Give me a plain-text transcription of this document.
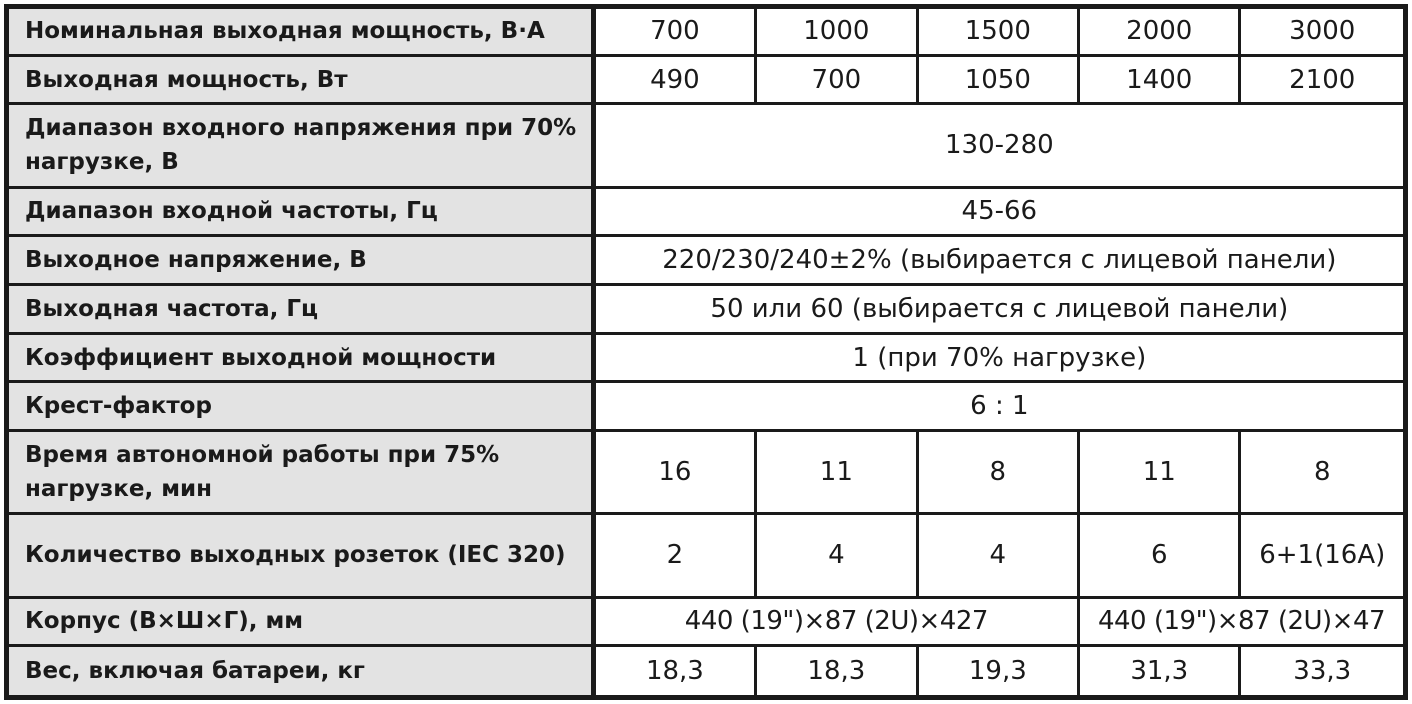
Номинальная выходная мощность, В·А	700	1000	1500	2000	3000
Выходная мощность, Вт	490	700	1050	1400	2100
Диапазон входного напряжения при 70% нагрузке, В	130-280				
Диапазон входной частоты, Гц	45-66				
Выходное напряжение, В	220/230/240±2% (выбирается с лицевой панели)				
Выходная частота, Гц	50 или 60 (выбирается с лицевой панели)				
Коэффициент выходной мощности	1 (при 70% нагрузке)				
Крест-фактор	6 : 1				
Время автономной работы при 75% нагрузке, мин	16	11	8	11	8
Количество выходных розеток (IEC 320)	2	4	4	6	6+1(16A)
Корпус (В×Ш×Г), мм	440 (19")×87 (2U)×427			440 (19")×87 (2U)×47	
Вес, включая батареи, кг	18,3	18,3	19,3	31,3	33,3
